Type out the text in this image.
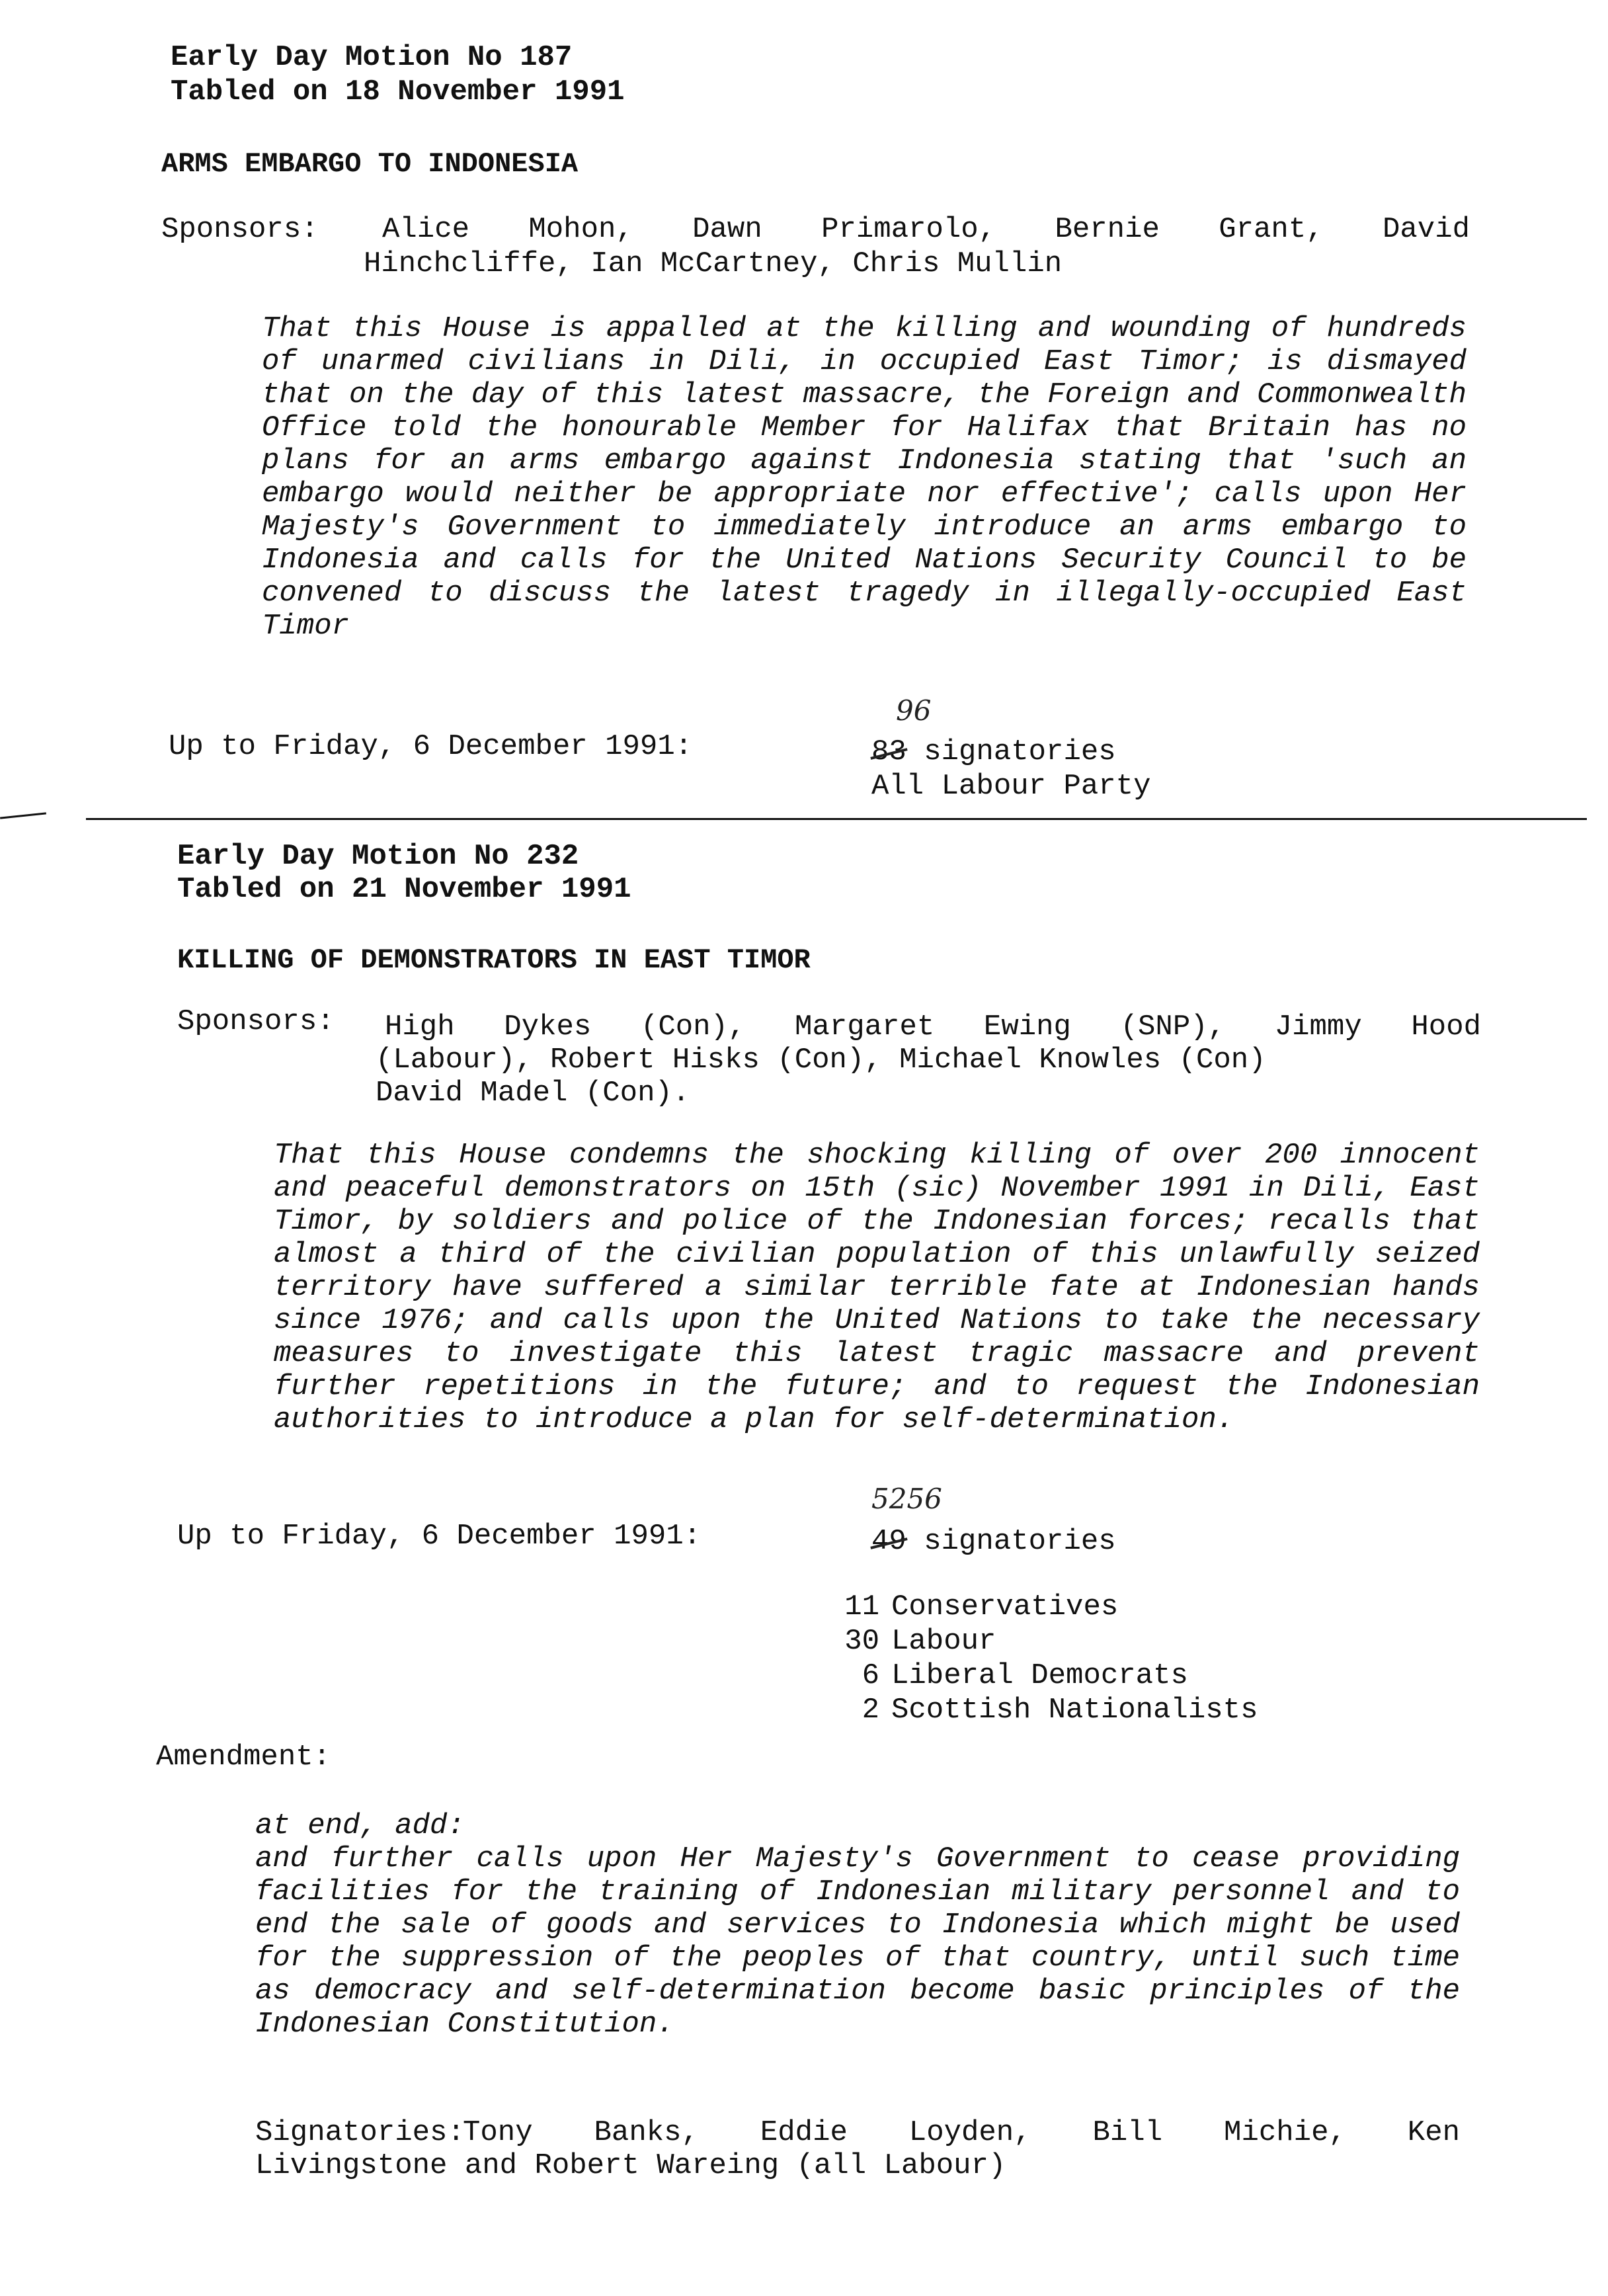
Early Day Motion No 187
Tabled on 18 November 1991
ARMS EMBARGO TO INDONESIA
Sponsors: Alice Mohon, Dawn Primarolo, Bernie Grant, David
Hinchcliffe, Ian McCartney, Chris Mullin
That this House is appalled at the killing and wounding of hundreds of unarmed civilians in Dili, in occupied East Timor; is dismayed that on the day of this latest massacre, the Foreign and Commonwealth Office told the honourable Member for Halifax that Britain has no plans for an arms embargo against Indonesia stating that 'such an embargo would neither be appropriate nor effective'; calls upon Her Majesty's Government to immediately introduce an arms embargo to Indonesia and calls for the United Nations Security Council to be convened to discuss the latest tragedy in illegally-occupied East Timor
96
Up to Friday, 6 December 1991:	83 signatories
All Labour Party
Early Day Motion No 232
Tabled on 21 November 1991
KILLING OF DEMONSTRATORS IN EAST TIMOR
Sponsors: High Dykes (Con), Margaret Ewing (SNP), Jimmy Hood
(Labour), Robert Hisks (Con), Michael Knowles (Con)
David Madel (Con).
That this House condemns the shocking killing of over 200 innocent and peaceful demonstrators on 15th (sic) November 1991 in Dili, East Timor, by soldiers and police of the Indonesian forces; recalls that almost a third of the civilian population of this unlawfully seized territory have suffered a similar terrible fate at Indonesian hands since 1976; and calls upon the United Nations to take the necessary measures to investigate this latest tragic massacre and prevent further repetitions in the future; and to request the Indonesian authorities to introduce a plan for self-determination.
5256
Up to Friday, 6 December 1991:	49 signatories
11 Conservatives
30 Labour
6 Liberal Democrats
2 Scottish Nationalists
Amendment:
at end, add:
and further calls upon Her Majesty's Government to cease providing facilities for the training of Indonesian military personnel and to end the sale of goods and services to Indonesia which might be used for the suppression of the peoples of that country, until such time as democracy and self-determination become basic principles of the Indonesian Constitution.
Signatories:
Tony Banks, Eddie Loyden, Bill Michie, Ken
Livingstone and Robert Wareing (all Labour)
